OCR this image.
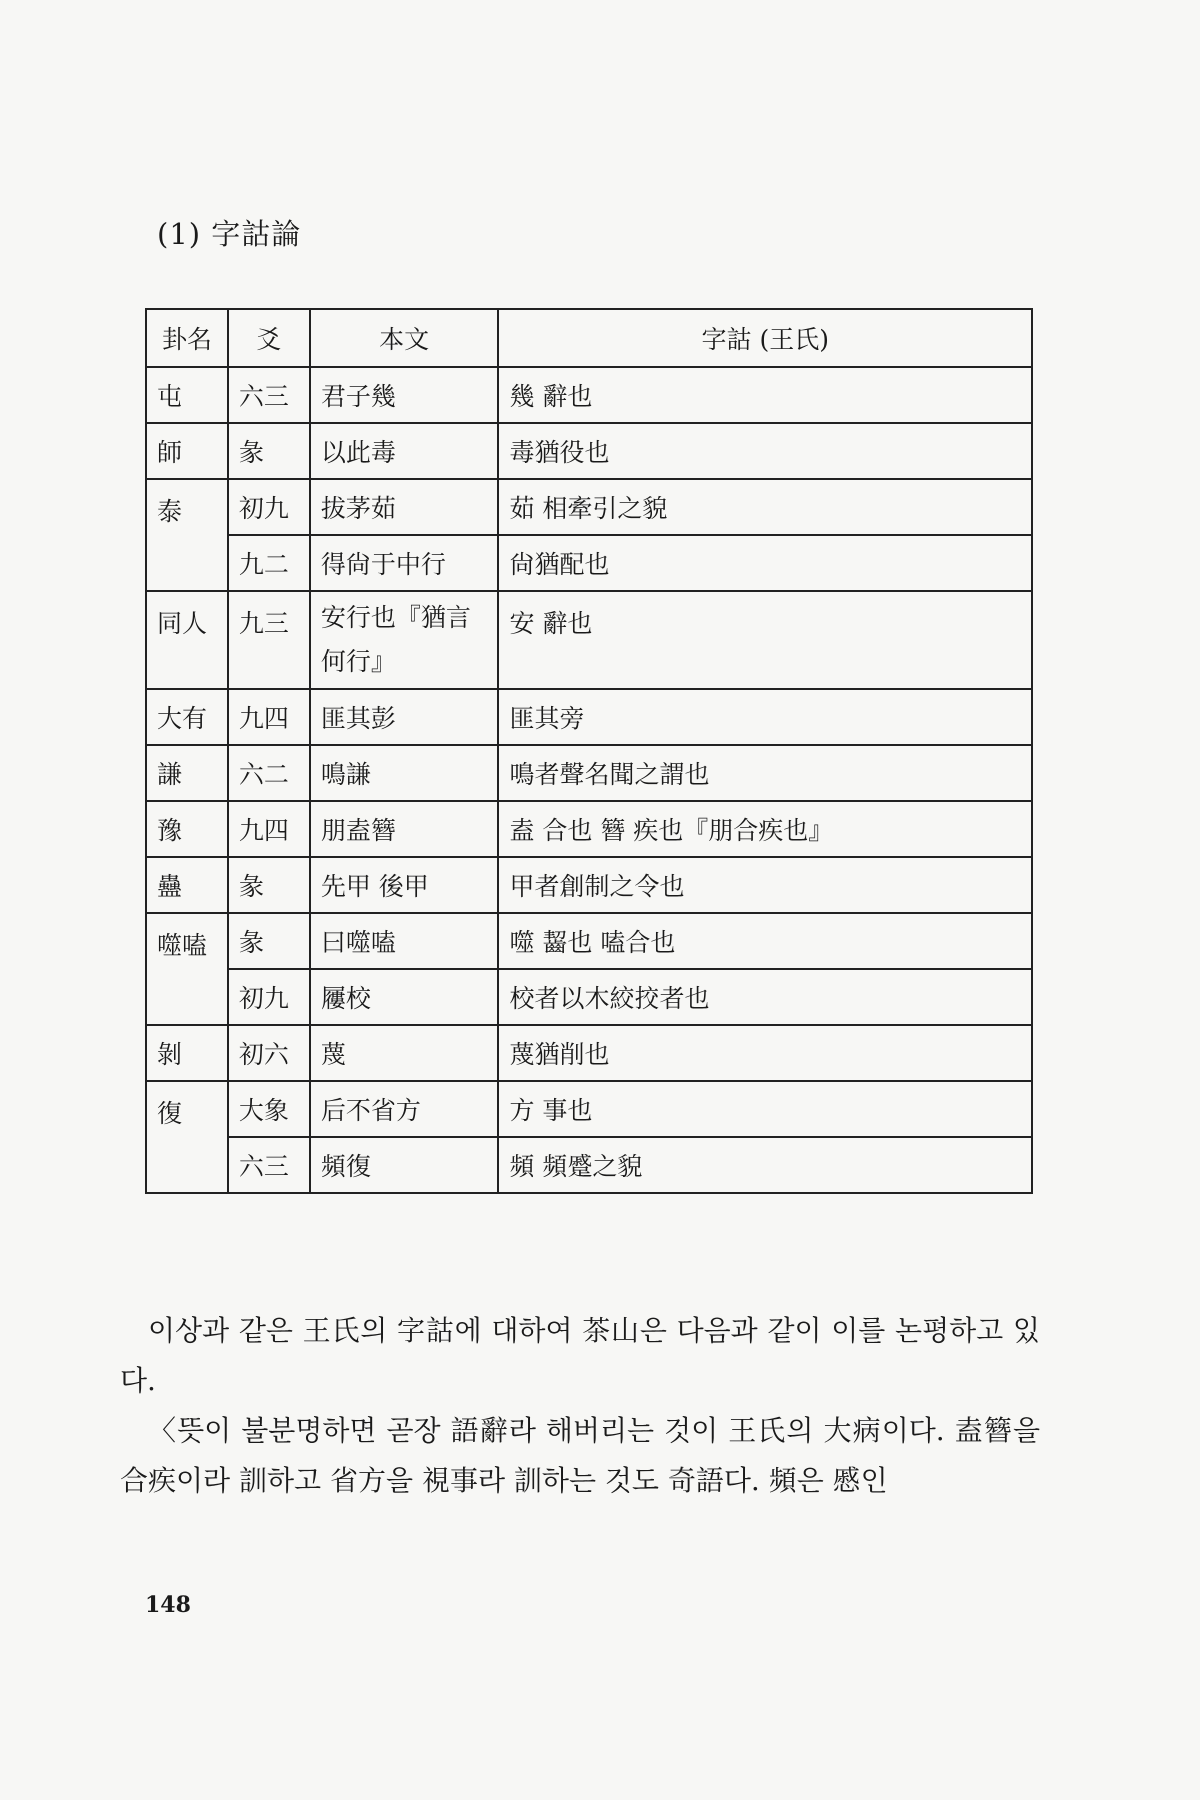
(1) 字詁論
卦名	爻	本文	字詁 (王氏)
屯	六三	君子幾	幾 辭也
師	彖	以此毒	毒猶役也
泰	初九	拔茅茹	茹 相牽引之貌
	九二	得尙于中行	尙猶配也
同人	九三	安行也『猶言何行』	安 辭也
大有	九四	匪其彭	匪其旁
謙	六二	鳴謙	鳴者聲名聞之謂也
豫	九四	朋盍簪	盍 合也 簪 疾也『朋合疾也』
蠱	彖	先甲 後甲	甲者創制之令也
噬嗑	彖	曰噬嗑	噬 齧也 嗑合也
	初九	屨校	校者以木絞挍者也
剝	初六	蔑	蔑猶削也
復	大象	后不省方	方 事也
	六三	頻復	頻 頻蹙之貌
이상과 같은 王氏의 字詁에 대하여 茶山은 다음과 같이 이를 논평하고 있다.
〈뜻이 불분명하면 곧장 語辭라 해버리는 것이 王氏의 大病이다. 盍簪을 合疾이라 訓하고 省方을 視事라 訓하는 것도 奇語다. 頻은 慼인
148
